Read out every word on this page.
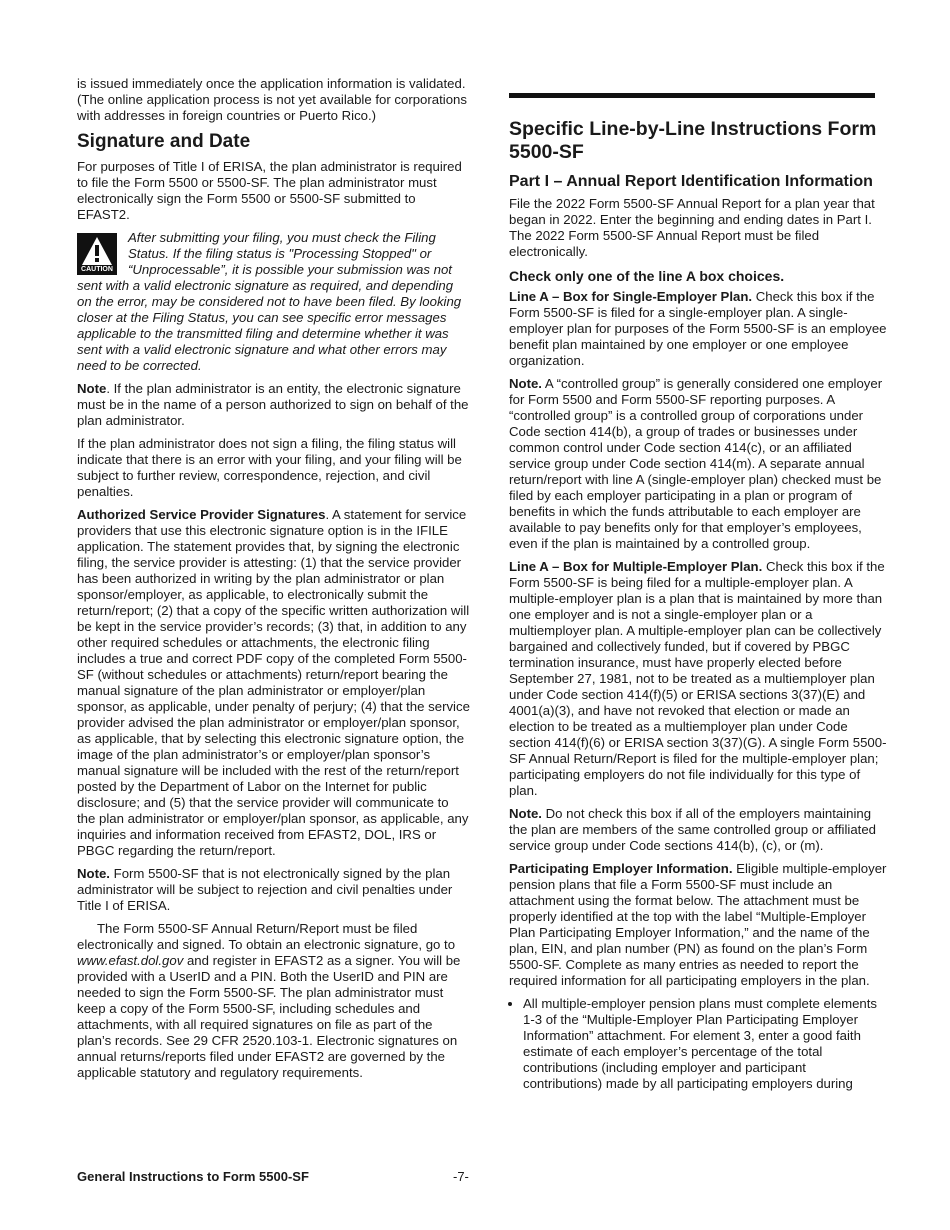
is issued immediately once the application information is validated. (The online application process is not yet available for corporations with addresses in foreign countries or Puerto Rico.)

Signature and Date

For purposes of Title I of ERISA, the plan administrator is required to file the Form 5500 or 5500-SF. The plan administrator must electronically sign the Form 5500 or 5500-SF submitted to EFAST2.

CAUTION
After submitting your filing, you must check the Filing Status. If the filing status is "Processing Stopped" or “Unprocessable”, it is possible your submission was not sent with a valid electronic signature as required, and depending on the error, may be considered not to have been filed. By looking closer at the Filing Status, you can see specific error messages applicable to the transmitted filing and determine whether it was sent with a valid electronic signature and what other errors may need to be corrected.

Note. If the plan administrator is an entity, the electronic signature must be in the name of a person authorized to sign on behalf of the plan administrator.

If the plan administrator does not sign a filing, the filing status will indicate that there is an error with your filing, and your filing will be subject to further review, correspondence, rejection, and civil penalties.

Authorized Service Provider Signatures. A statement for service providers that use this electronic signature option is in the IFILE application. The statement provides that, by signing the electronic filing, the service provider is attesting: (1) that the service provider has been authorized in writing by the plan administrator or plan sponsor/employer, as applicable, to electronically submit the return/report; (2) that a copy of the specific written authorization will be kept in the service provider’s records; (3) that, in addition to any other required schedules or attachments, the electronic filing includes a true and correct PDF copy of the completed Form 5500-SF (without schedules or attachments) return/report bearing the manual signature of the plan administrator or employer/plan sponsor, as applicable, under penalty of perjury; (4) that the service provider advised the plan administrator or employer/plan sponsor, as applicable, that by selecting this electronic signature option, the image of the plan administrator’s or employer/plan sponsor’s manual signature will be included with the rest of the return/report posted by the Department of Labor on the Internet for public disclosure; and (5) that the service provider will communicate to the plan administrator or employer/plan sponsor, as applicable, any inquiries and information received from EFAST2, DOL, IRS or PBGC regarding the return/report.

Note. Form 5500-SF that is not electronically signed by the plan administrator will be subject to rejection and civil penalties under Title I of ERISA.

The Form 5500-SF Annual Return/Report must be filed electronically and signed. To obtain an electronic signature, go to www.efast.dol.gov and register in EFAST2 as a signer. You will be provided with a UserID and a PIN. Both the UserID and PIN are needed to sign the Form 5500-SF. The plan administrator must keep a copy of the Form 5500-SF, including schedules and attachments, with all required signatures on file as part of the plan’s records. See 29 CFR 2520.103-1. Electronic signatures on annual returns/reports filed under EFAST2 are governed by the applicable statutory and regulatory requirements.

Specific Line-by-Line Instructions Form 5500-SF
Part I – Annual Report Identification Information

File the 2022 Form 5500-SF Annual Report for a plan year that began in 2022. Enter the beginning and ending dates in Part I. The 2022 Form 5500-SF Annual Report must be filed electronically.

Check only one of the line A box choices.

Line A – Box for Single-Employer Plan. Check this box if the Form 5500-SF is filed for a single-employer plan. A single-employer plan for purposes of the Form 5500-SF is an employee benefit plan maintained by one employer or one employee organization.

Note. A “controlled group” is generally considered one employer for Form 5500 and Form 5500-SF reporting purposes. A “controlled group” is a controlled group of corporations under Code section 414(b), a group of trades or businesses under common control under Code section 414(c), or an affiliated service group under Code section 414(m). A separate annual return/report with line A (single-employer plan) checked must be filed by each employer participating in a plan or program of benefits in which the funds attributable to each employer are available to pay benefits only for that employer’s employees, even if the plan is maintained by a controlled group.

Line A – Box for Multiple-Employer Plan. Check this box if the Form 5500-SF is being filed for a multiple-employer plan. A multiple-employer plan is a plan that is maintained by more than one employer and is not a single-employer plan or a multiemployer plan. A multiple-employer plan can be collectively bargained and collectively funded, but if covered by PBGC termination insurance, must have properly elected before September 27, 1981, not to be treated as a multiemployer plan under Code section 414(f)(5) or ERISA sections 3(37)(E) and 4001(a)(3), and have not revoked that election or made an election to be treated as a multiemployer plan under Code section 414(f)(6) or ERISA section 3(37)(G). A single Form 5500-SF Annual Return/Report is filed for the multiple-employer plan; participating employers do not file individually for this type of plan.

Note. Do not check this box if all of the employers maintaining the plan are members of the same controlled group or affiliated service group under Code sections 414(b), (c), or (m).

Participating Employer Information. Eligible multiple-employer pension plans that file a Form 5500-SF must include an attachment using the format below. The attachment must be properly identified at the top with the label “Multiple-Employer Plan Participating Employer Information,” and the name of the plan, EIN, and plan number (PN) as found on the plan’s Form 5500-SF. Complete as many entries as needed to report the required information for all participating employers in the plan.

• All multiple-employer pension plans must complete elements 1-3 of the “Multiple-Employer Plan Participating Employer Information” attachment. For element 3, enter a good faith estimate of each employer’s percentage of the total contributions (including employer and participant contributions) made by all participating employers during
General Instructions to Form 5500-SF	-7-
